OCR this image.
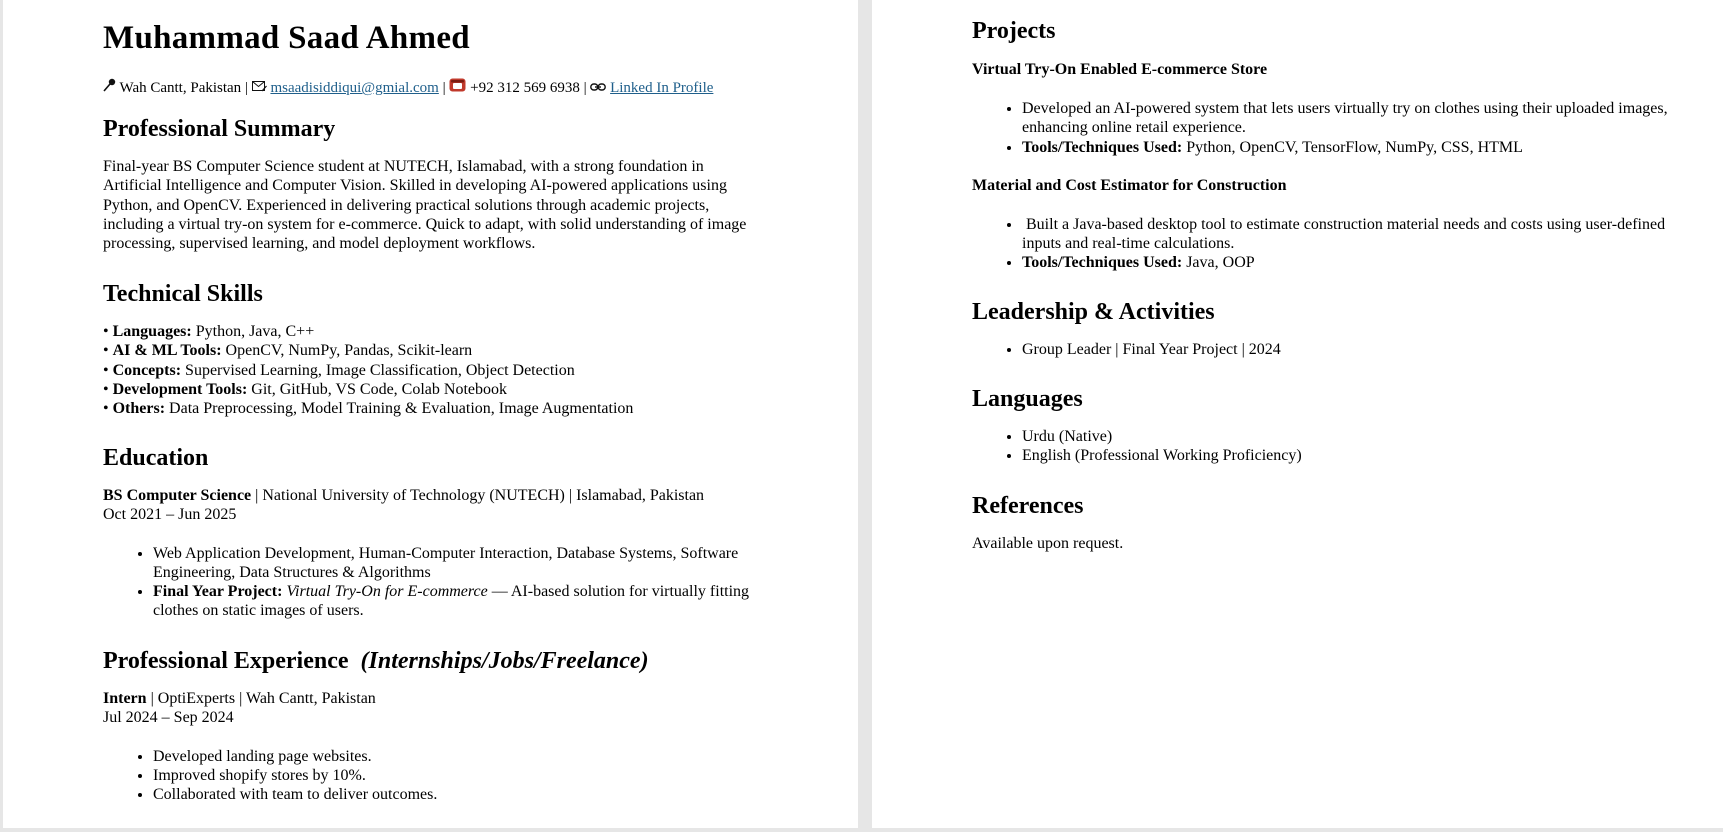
Muhammad Saad Ahmed
Wah Cantt, Pakistan | msaadisiddiqui@gmial.com | +92 312 569 6938 | Linked In Profile
Professional Summary

Final-year BS Computer Science student at NUTECH, Islamabad, with a strong foundation in Artificial Intelligence and Computer Vision. Skilled in developing AI-powered applications using Python, and OpenCV. Experienced in delivering practical solutions through academic projects, including a virtual try-on system for e-commerce. Quick to adapt, with solid understanding of image processing, supervised learning, and model deployment workflows.

Technical Skills
• Languages: Python, Java, C++
• AI & ML Tools: OpenCV, NumPy, Pandas, Scikit-learn
• Concepts: Supervised Learning, Image Classification, Object Detection
• Development Tools: Git, GitHub, VS Code, Colab Notebook
• Others: Data Preprocessing, Model Training & Evaluation, Image Augmentation
Education
BS Computer Science | National University of Technology (NUTECH) | Islamabad, Pakistan
Oct 2021 – Jun 2025
• Web Application Development, Human-Computer Interaction, Database Systems, Software Engineering, Data Structures & Algorithms
• Final Year Project: Virtual Try-On for E-commerce — AI-based solution for virtually fitting clothes on static images of users.
Professional Experience (Internships/Jobs/Freelance)
Intern | OptiExperts | Wah Cantt, Pakistan
Jul 2024 – Sep 2024
• Developed landing page websites.
• Improved shopify stores by 10%.
• Collaborated with team to deliver outcomes.
Projects
Virtual Try-On Enabled E-commerce Store
• Developed an AI-powered system that lets users virtually try on clothes using their uploaded images, enhancing online retail experience.
• Tools/Techniques Used: Python, OpenCV, TensorFlow, NumPy, CSS, HTML
Material and Cost Estimator for Construction
• Built a Java-based desktop tool to estimate construction material needs and costs using user-defined inputs and real-time calculations.
• Tools/Techniques Used: Java, OOP
Leadership & Activities
• Group Leader | Final Year Project | 2024
Languages
• Urdu (Native)
• English (Professional Working Proficiency)
References

Available upon request.
